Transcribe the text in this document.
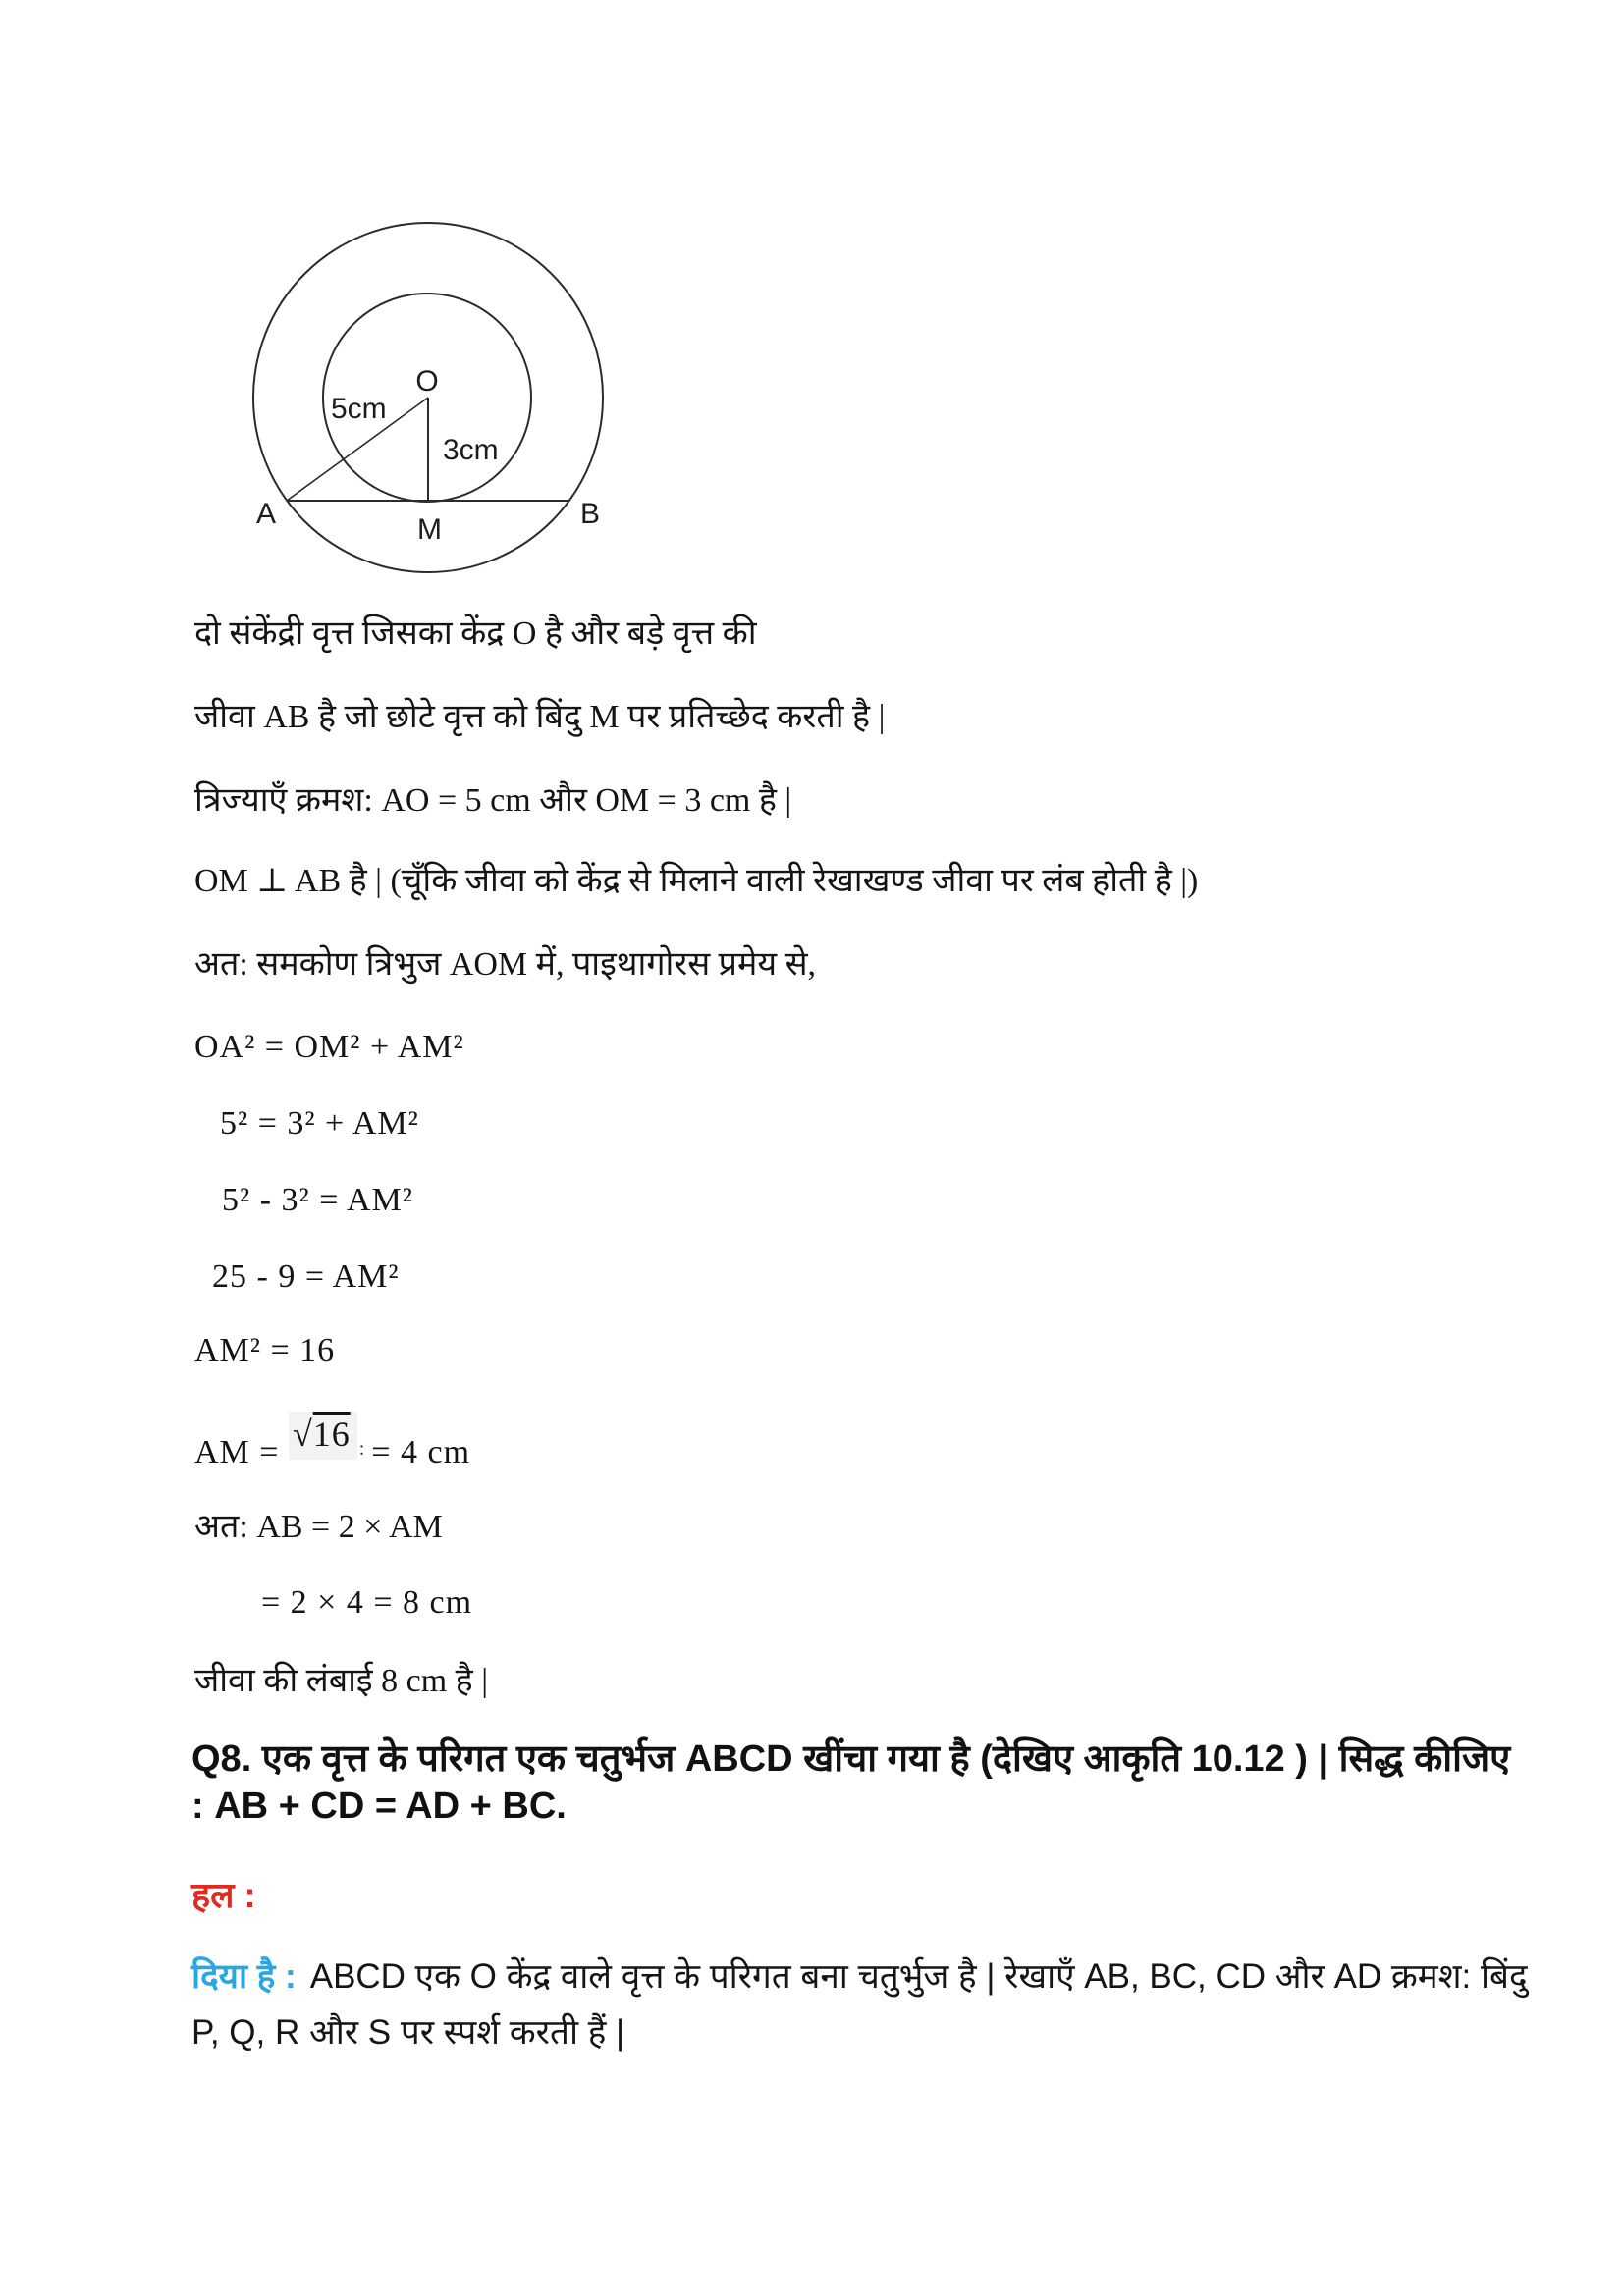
O
5cm
3cm
A	M	B
दो संकेंद्री वृत्त जिसका केंद्र O है और बड़े वृत्त की
जीवा AB है जो छोटे वृत्त को बिंदु M पर प्रतिच्छेद करती है |
त्रिज्याएँ क्रमश: AO = 5 cm और OM = 3 cm है |
OM ⊥ AB है | (चूँकि जीवा को केंद्र से मिलाने वाली रेखाखण्ड जीवा पर लंब होती है |)
अत: समकोण त्रिभुज AOM में, पाइथागोरस प्रमेय से,
OA² = OM² + AM²
5² = 3² + AM²
5² - 3² = AM²
25 - 9 = AM²
AM² = 16
AM = √16 : = 4 cm
अत: AB = 2 × AM
= 2 × 4 = 8 cm
जीवा की लंबाई 8 cm है |
Q8. एक वृत्त के परिगत एक चतुर्भज ABCD खींचा गया है (देखिए आकृति 10.12 ) | सिद्ध कीजिए : AB + CD = AD + BC.
हल :
दिया है : ABCD एक O केंद्र वाले वृत्त के परिगत बना चतुर्भुज है | रेखाएँ AB, BC, CD और AD क्रमश: बिंदु P, Q, R और S पर स्पर्श करती हैं |
